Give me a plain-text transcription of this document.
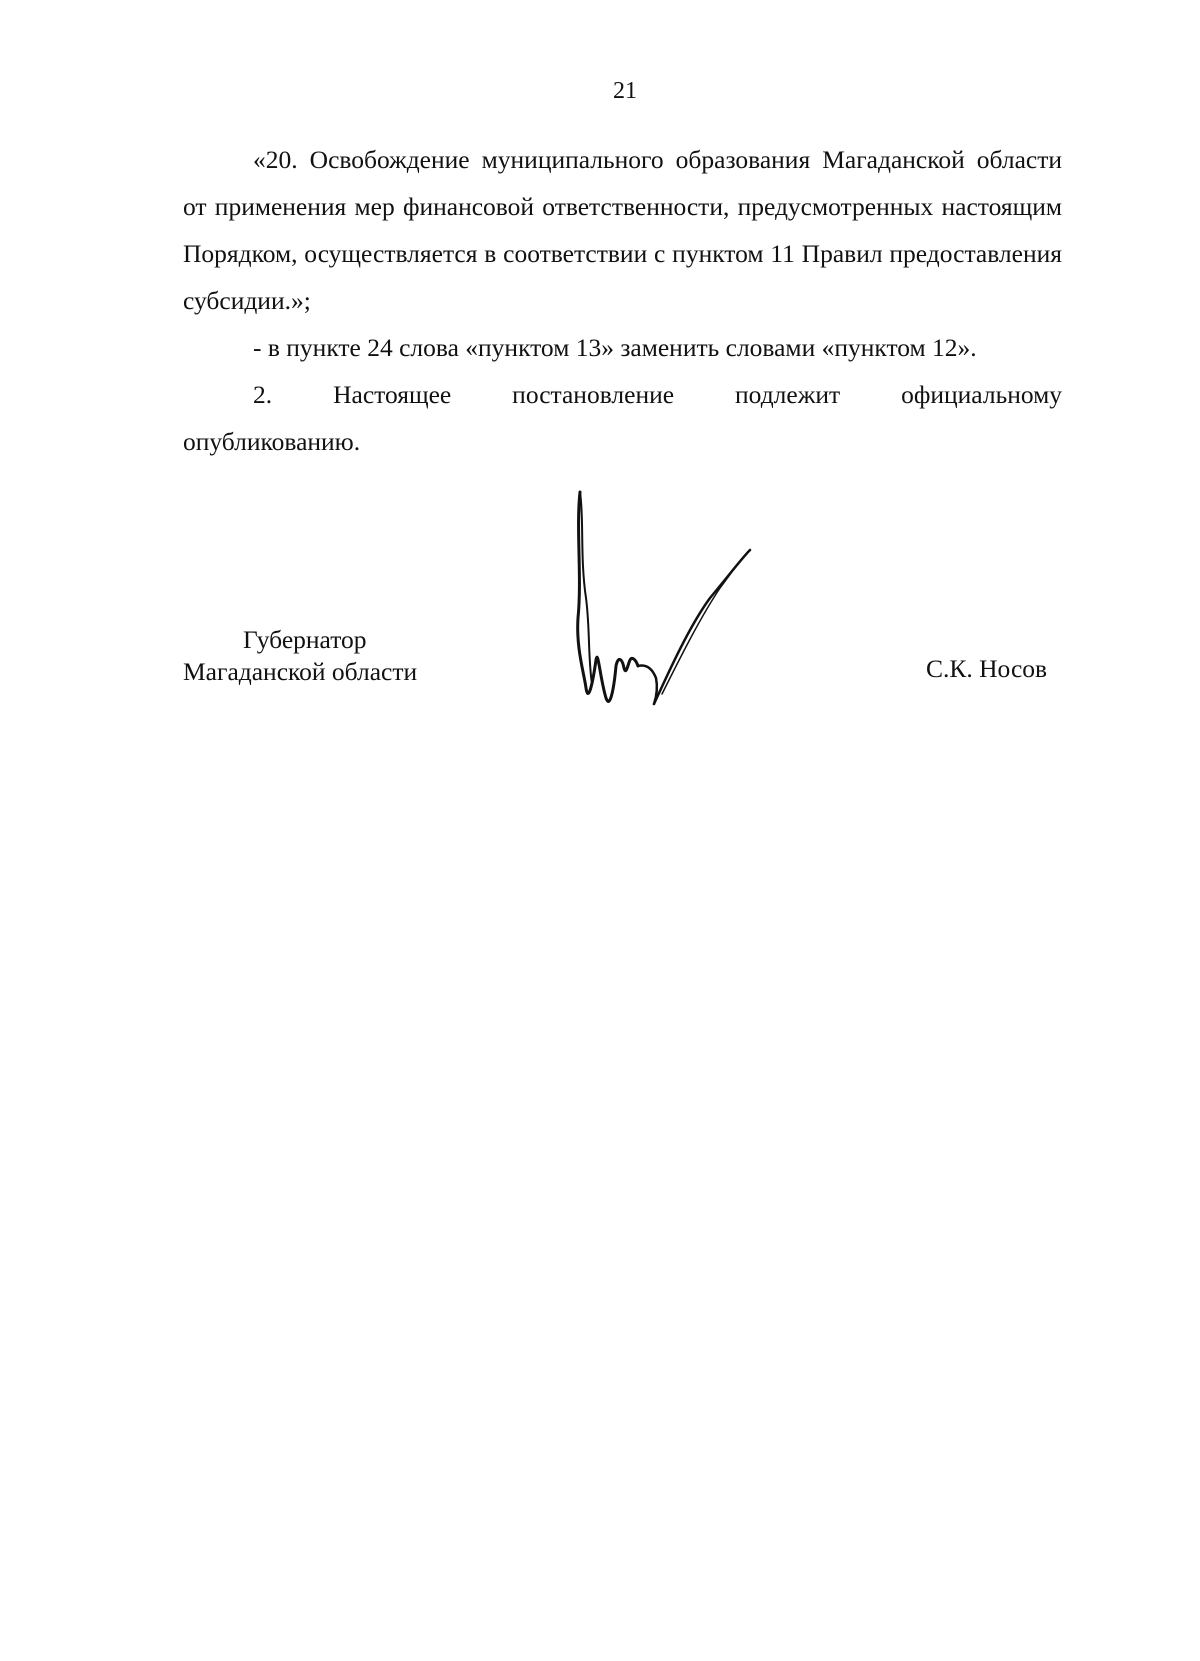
21

«20. Освобождение муниципального образования Магаданской области от применения мер финансовой ответственности, предусмотренных настоящим Порядком, осуществляется в соответствии с пунктом 11 Правил предоставления субсидии.»;

- в пункте 24 слова «пунктом 13» заменить словами «пунктом 12».

2. Настоящее постановление подлежит официальному

опубликованию.

Губернатор
Магаданской области	С.К. Носов
